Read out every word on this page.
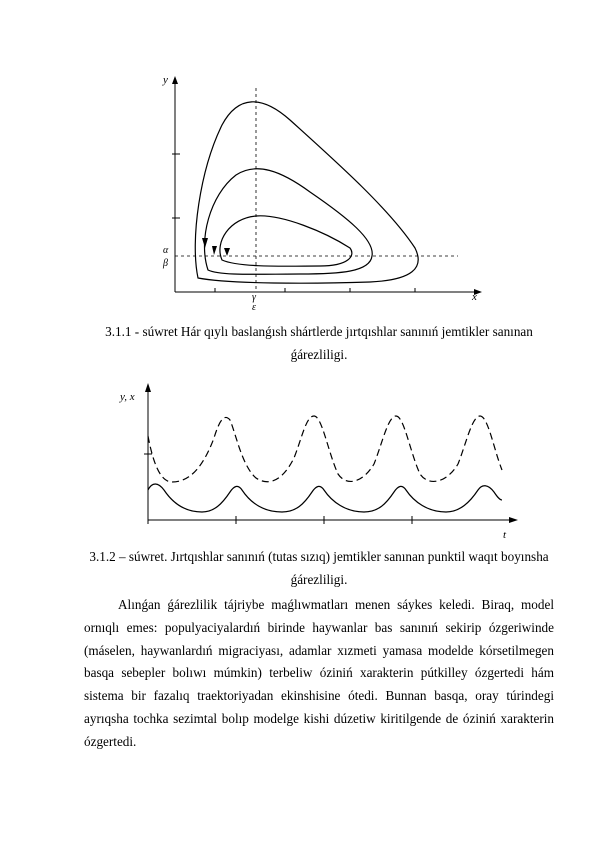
y
x
α
β
γ
ε
3.1.1 - súwret Hár qıylı baslanǵısh shártlerde jırtqıshlar sanınıń jemtikler sanınan ǵárezliligi.
y, x
t
3.1.2 – súwret. Jırtqıshlar sanınıń (tutas sızıq) jemtikler sanınan punktil waqıt boyınsha ǵárezliligi.
Alınǵan ǵárezlilik tájriybe maǵlıwmatları menen sáykes keledi. Biraq, model ornıqlı emes: populyaciyalardıń birinde haywanlar bas sanınıń sekirip ózgeriwinde (máselen, haywanlardıń migraciyası, adamlar xızmeti yamasa modelde kórsetilmegen basqa sebepler bolıwı múmkin) terbeliw óziniń xarakterin pútkilley ózgertedi hám sistema bir fazalıq traektoriyadan ekinshisine ótedi. Bunnan basqa, oray túrindegi ayrıqsha tochka sezimtal bolıp modelge kishi dúzetiw kiritilgende de óziniń xarakterin ózgertedi.
